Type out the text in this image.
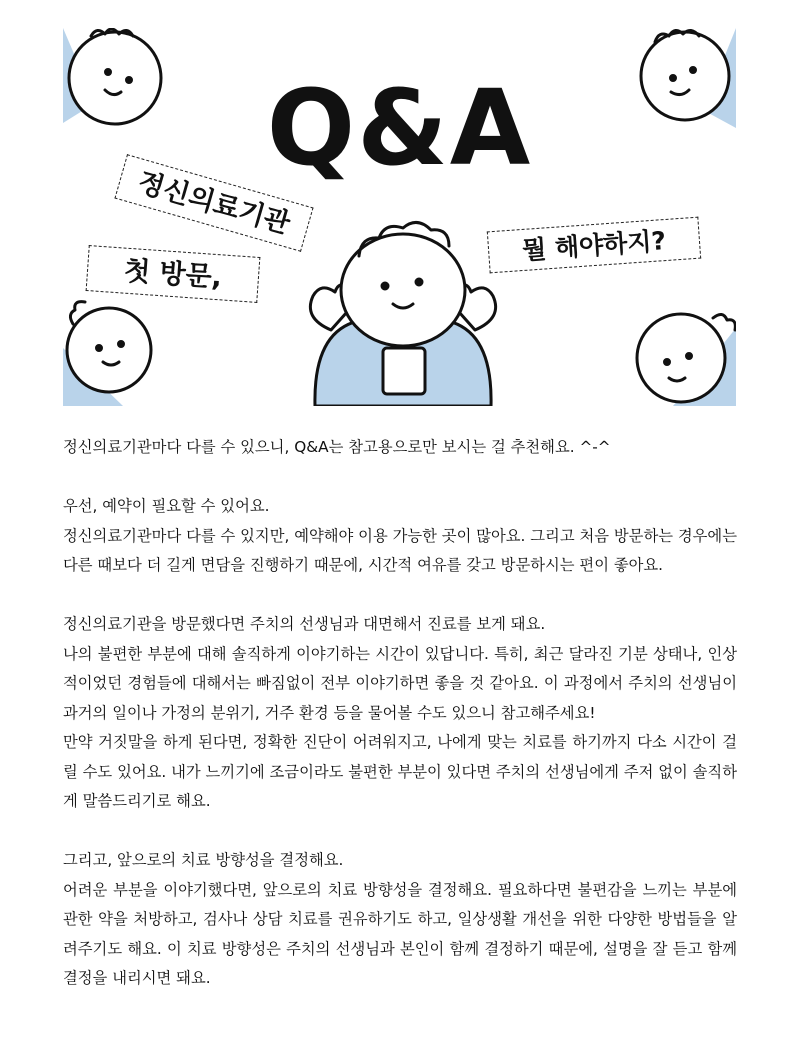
Q&A
정신의료기관
첫 방문,
뭘 해야하지?

정신의료기관마다 다를 수 있으니, Q&A는 참고용으로만 보시는 걸 추천해요. ^-^

우선, 예약이 필요할 수 있어요.

정신의료기관마다 다를 수 있지만, 예약해야 이용 가능한 곳이 많아요. 그리고 처음 방문하는 경우에는 다른 때보다 더 길게 면담을 진행하기 때문에, 시간적 여유를 갖고 방문하시는 편이 좋아요.

정신의료기관을 방문했다면 주치의 선생님과 대면해서 진료를 보게 돼요.

나의 불편한 부분에 대해 솔직하게 이야기하는 시간이 있답니다. 특히, 최근 달라진 기분 상태나, 인상적이었던 경험들에 대해서는 빠짐없이 전부 이야기하면 좋을 것 같아요. 이 과정에서 주치의 선생님이 과거의 일이나 가정의 분위기, 거주 환경 등을 물어볼 수도 있으니 참고해주세요!

만약 거짓말을 하게 된다면, 정확한 진단이 어려워지고, 나에게 맞는 치료를 하기까지 다소 시간이 걸릴 수도 있어요. 내가 느끼기에 조금이라도 불편한 부분이 있다면 주치의 선생님에게 주저 없이 솔직하게 말씀드리기로 해요.

그리고, 앞으로의 치료 방향성을 결정해요.

어려운 부분을 이야기했다면, 앞으로의 치료 방향성을 결정해요. 필요하다면 불편감을 느끼는 부분에 관한 약을 처방하고, 검사나 상담 치료를 권유하기도 하고, 일상생활 개선을 위한 다양한 방법들을 알려주기도 해요. 이 치료 방향성은 주치의 선생님과 본인이 함께 결정하기 때문에, 설명을 잘 듣고 함께 결정을 내리시면 돼요.
